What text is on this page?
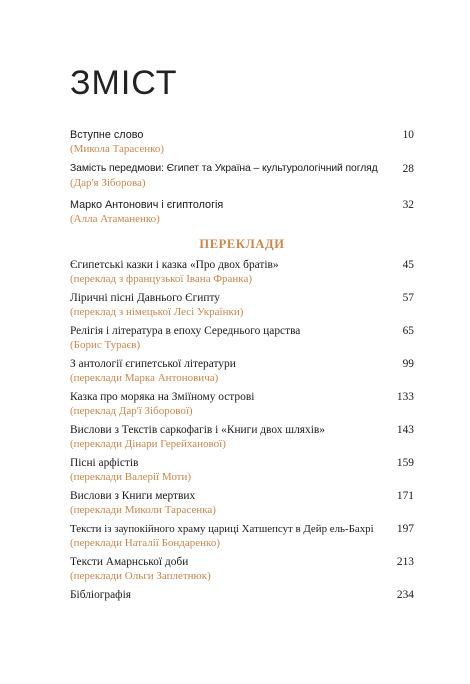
ЗМІСТ
Вступне слово
(Микола Тарасенко)
10
Замість передмови: Єгипет та Україна – культурологічний погляд
(Дар'я Зіборова)
28
Марко Антонович і єгиптологія
(Алла Атаманенко)
32
ПЕРЕКЛАДИ
Єгипетські казки і казка «Про двох братів»
(переклад з французької Івана Франка)
45
Ліричні пісні Давнього Єгипту
(переклад з німецької Лесі Українки)
57
Релігія і література в епоху Середнього царства
(Борис Тураєв)
65
З антології єгипетської літератури
(переклади Марка Антоновича)
99
Казка про моряка на Зміїному острові
(переклад Дар'ї Зіборової)
133
Вислови з Текстів саркофагів і «Книги двох шляхів»
(переклади Дінари Герейханової)
143
Пісні арфістів
(переклади Валерії Моти)
159
Вислови з Книги мертвих
(переклади Миколи Тарасенка)
171
Тексти із заупокійного храму цариці Хатшепсут в Дейр ель-Бахрі
(переклади Наталії Бондаренко)
197
Тексти Амарнської доби
(переклади Ольги Заплетнюк)
213
Бібліографія	234
